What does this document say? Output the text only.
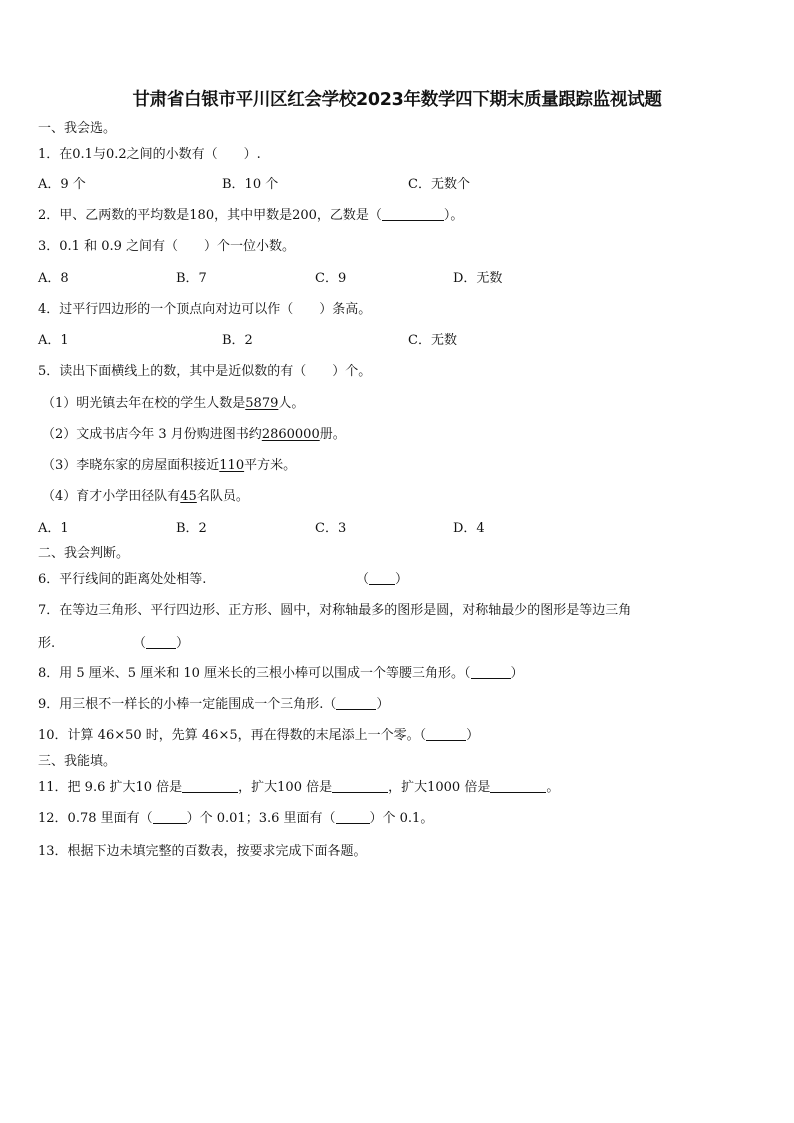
甘肃省白银市平川区红会学校2023年数学四下期末质量跟踪监视试题
一、我会选。
1．在0.1与0.2之间的小数有（　　）.
A．9 个	B．10 个	C．无数个
2．甲、乙两数的平均数是180，其中甲数是200，乙数是（	）。
3．0.1 和 0.9 之间有（　　）个一位小数。
A．8	B．7	C．9	D．无数
4．过平行四边形的一个顶点向对边可以作（　　）条高。
A．1	B．2	C．无数
5．读出下面横线上的数，其中是近似数的有（　　）个。
（1）明光镇去年在校的学生人数是5879人。
（2）文成书店今年 3 月份购进图书约2860000册。
（3）李晓东家的房屋面积接近110平方米。
（4）育才小学田径队有45名队员。
A．1	B．2	C．3	D．4
二、我会判断。
6．平行线间的距离处处相等.	（ ）
7．在等边三角形、平行四边形、正方形、圆中，对称轴最多的图形是圆，对称轴最少的图形是等边三角
形.	（ ）
8．用 5 厘米、5 厘米和 10 厘米长的三根小棒可以围成一个等腰三角形。（	）
9．用三根不一样长的小棒一定能围成一个三角形.（	）
10．计算 46×50 时，先算 46×5，再在得数的末尾添上一个零。（	）
三、我能填。
11．把 9.6 扩大10 倍是	，扩大100 倍是	，扩大1000 倍是	。
12．0.78 里面有（	）个 0.01；3.6 里面有（	）个 0.1。
13．根据下边未填完整的百数表，按要求完成下面各题。
